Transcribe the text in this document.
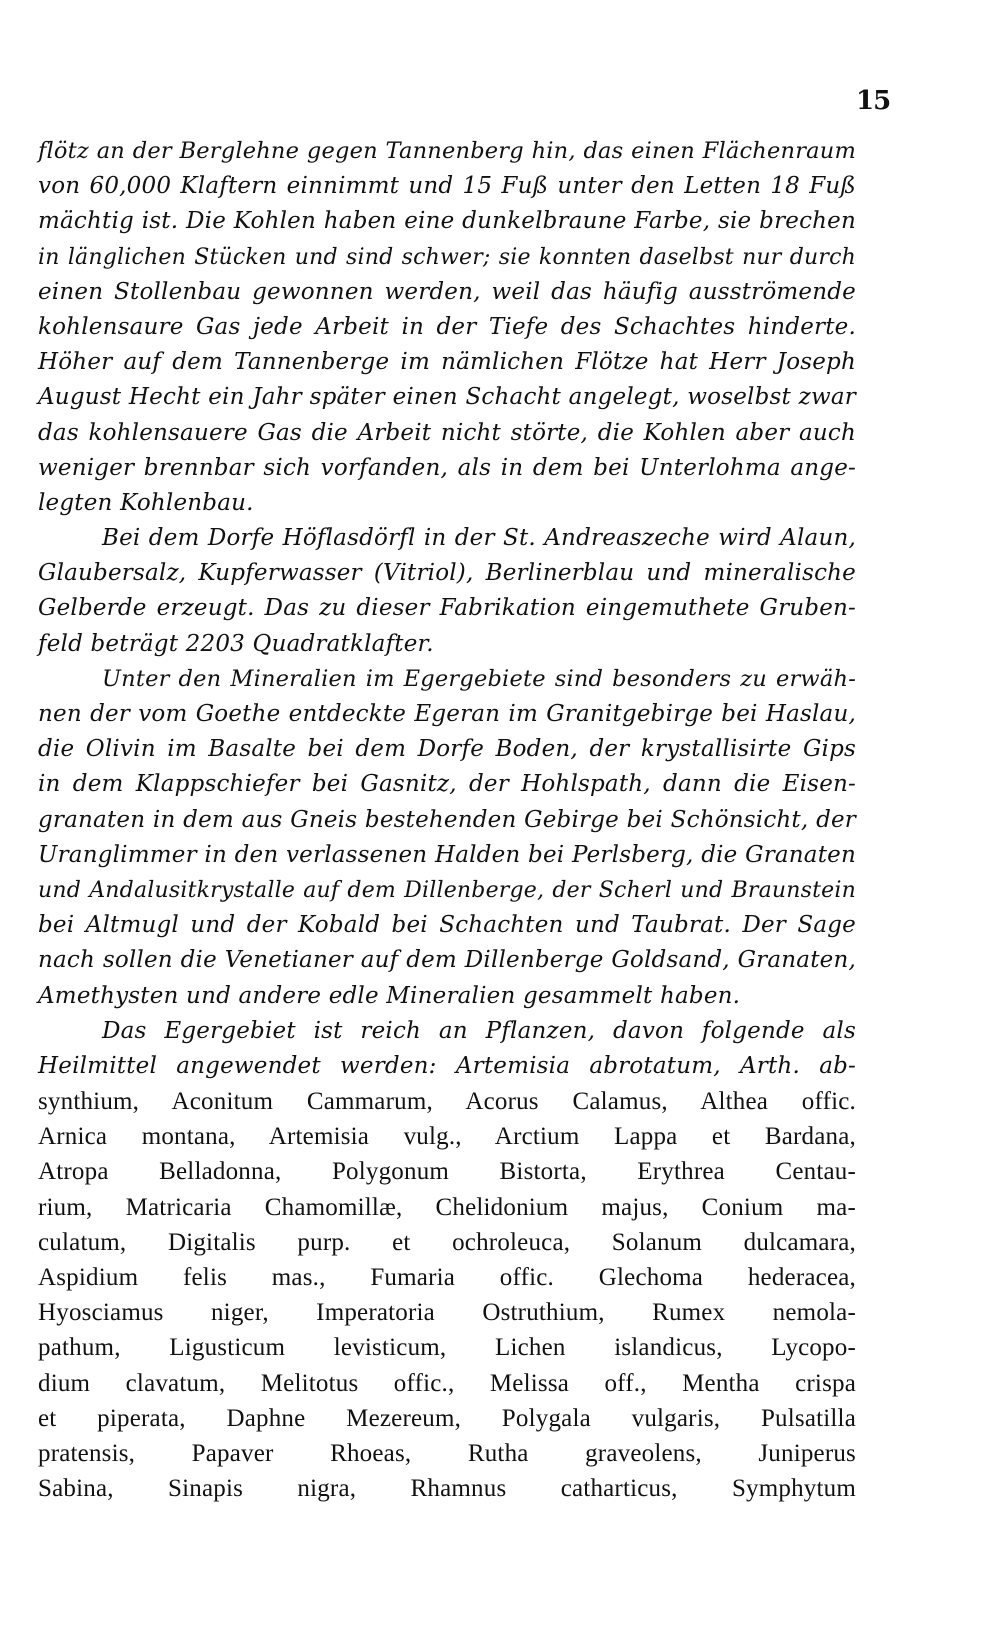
15
flötz an der Berglehne gegen Tannenberg hin, das einen Flächenraum
von 60,000 Klaftern einnimmt und 15 Fuß unter den Letten 18 Fuß
mächtig ist. Die Kohlen haben eine dunkelbraune Farbe, sie brechen
in länglichen Stücken und sind schwer; sie konnten daselbst nur durch
einen Stollenbau gewonnen werden, weil das häufig ausströmende
kohlensaure Gas jede Arbeit in der Tiefe des Schachtes hinderte.
Höher auf dem Tannenberge im nämlichen Flötze hat Herr Joseph
August Hecht ein Jahr später einen Schacht angelegt, woselbst zwar
das kohlensauere Gas die Arbeit nicht störte, die Kohlen aber auch
weniger brennbar sich vorfanden, als in dem bei Unterlohma ange-
legten Kohlenbau.
Bei dem Dorfe Höflasdörfl in der St. Andreaszeche wird Alaun,
Glaubersalz, Kupferwasser (Vitriol), Berlinerblau und mineralische
Gelberde erzeugt. Das zu dieser Fabrikation eingemuthete Gruben-
feld beträgt 2203 Quadratklafter.
Unter den Mineralien im Egergebiete sind besonders zu erwäh-
nen der vom Goethe entdeckte Egeran im Granitgebirge bei Haslau,
die Olivin im Basalte bei dem Dorfe Boden, der krystallisirte Gips
in dem Klappschiefer bei Gasnitz, der Hohlspath, dann die Eisen-
granaten in dem aus Gneis bestehenden Gebirge bei Schönsicht, der
Uranglimmer in den verlassenen Halden bei Perlsberg, die Granaten
und Andalusitkrystalle auf dem Dillenberge, der Scherl und Braunstein
bei Altmugl und der Kobald bei Schachten und Taubrat. Der Sage
nach sollen die Venetianer auf dem Dillenberge Goldsand, Granaten,
Amethysten und andere edle Mineralien gesammelt haben.
Das Egergebiet ist reich an Pflanzen, davon folgende als
Heilmittel angewendet werden: Artemisia abrotatum, Arth. ab-
synthium, Aconitum Cammarum, Acorus Calamus, Althea offic.
Arnica montana, Artemisia vulg., Arctium Lappa et Bardana,
Atropa Belladonna, Polygonum Bistorta, Erythrea Centau-
rium, Matricaria Chamomillæ, Chelidonium majus, Conium ma-
culatum, Digitalis purp. et ochroleuca, Solanum dulcamara,
Aspidium felis mas., Fumaria offic. Glechoma hederacea,
Hyosciamus niger, Imperatoria Ostruthium, Rumex nemola-
pathum, Ligusticum levisticum, Lichen islandicus, Lycopo-
dium clavatum, Melitotus offic., Melissa off., Mentha crispa
et piperata, Daphne Mezereum, Polygala vulgaris, Pulsatilla
pratensis, Papaver Rhoeas, Rutha graveolens, Juniperus
Sabina, Sinapis nigra, Rhamnus catharticus, Symphytum
